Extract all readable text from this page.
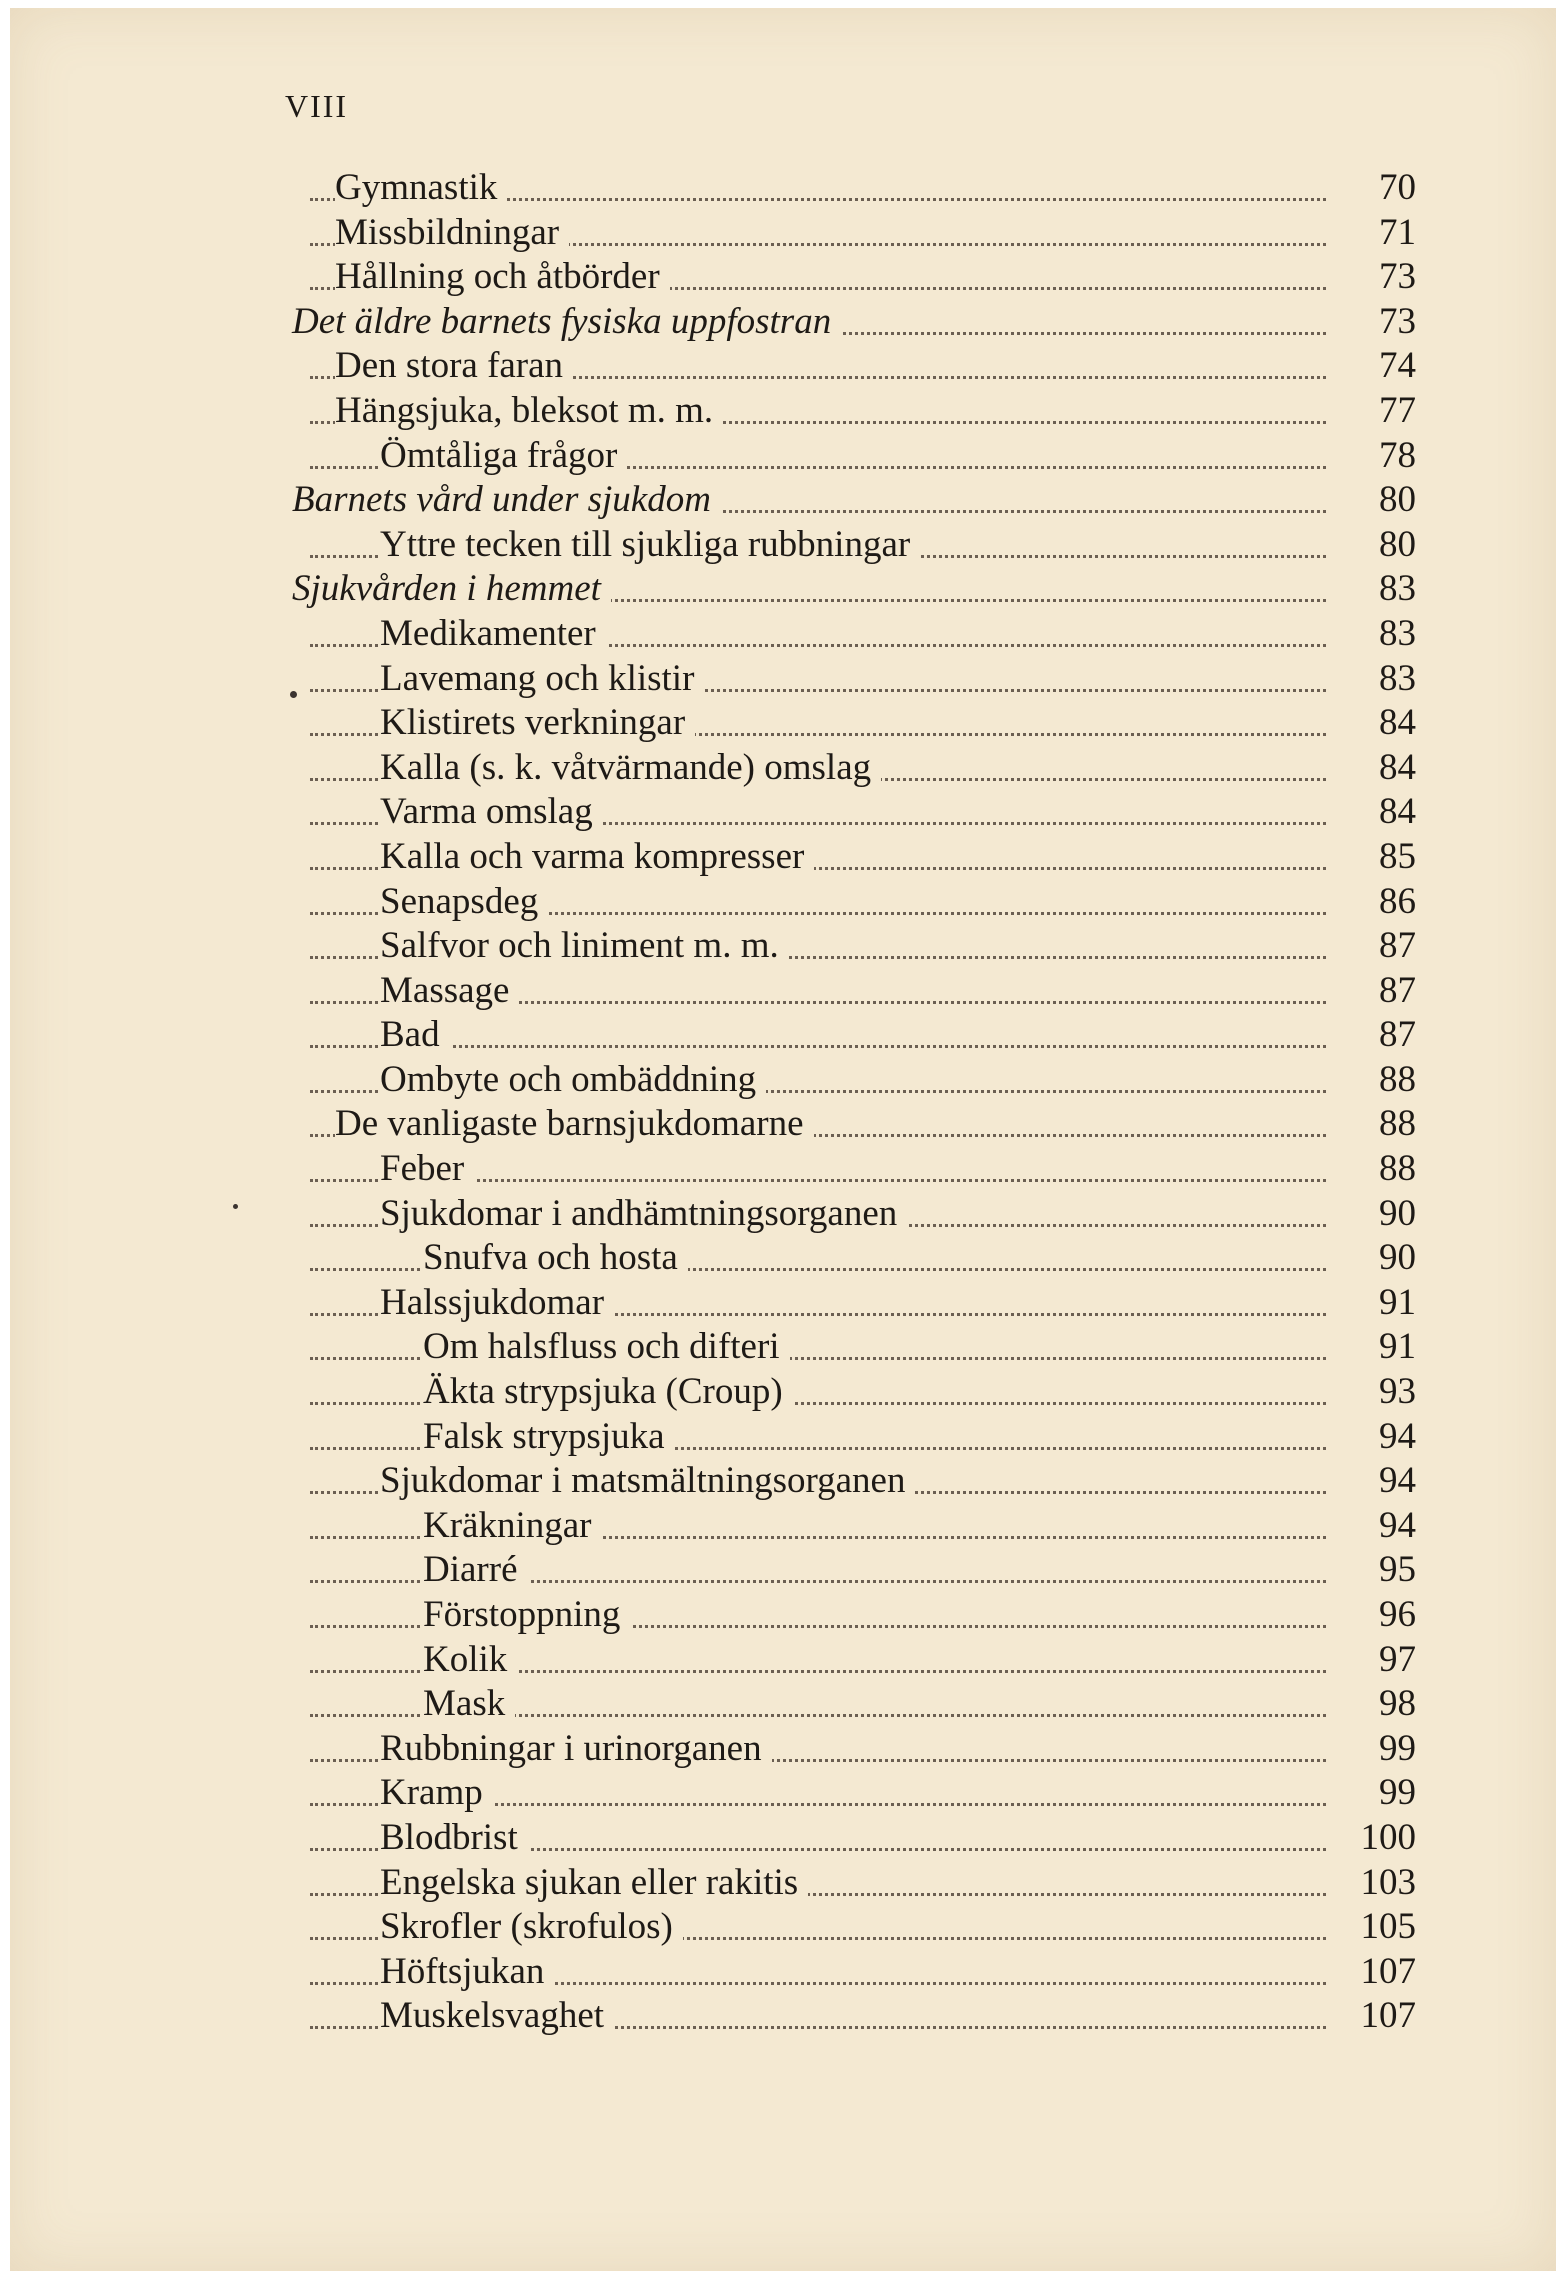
VIII
Gymnastik	70
Missbildningar	71
Hållning och åtbörder	73
Det äldre barnets fysiska uppfostran	73
Den stora faran	74
Hängsjuka, bleksot m. m.	77
Ömtåliga frågor	78
Barnets vård under sjukdom	80
Yttre tecken till sjukliga rubbningar	80
Sjukvården i hemmet	83
Medikamenter	83
Lavemang och klistir	83
Klistirets verkningar	84
Kalla (s. k. våtvärmande) omslag	84
Varma omslag	84
Kalla och varma kompresser	85
Senapsdeg	86
Salfvor och liniment m. m.	87
Massage	87
Bad	87
Ombyte och ombäddning	88
De vanligaste barnsjukdomarne	88
Feber	88
Sjukdomar i andhämtningsorganen	90
Snufva och hosta	90
Halssjukdomar	91
Om halsfluss och difteri	91
Äkta strypsjuka (Croup)	93
Falsk strypsjuka	94
Sjukdomar i matsmältningsorganen	94
Kräkningar	94
Diarré	95
Förstoppning	96
Kolik	97
Mask	98
Rubbningar i urinorganen	99
Kramp	99
Blodbrist	100
Engelska sjukan eller rakitis	103
Skrofler (skrofulos)	105
Höftsjukan	107
Muskelsvaghet	107
